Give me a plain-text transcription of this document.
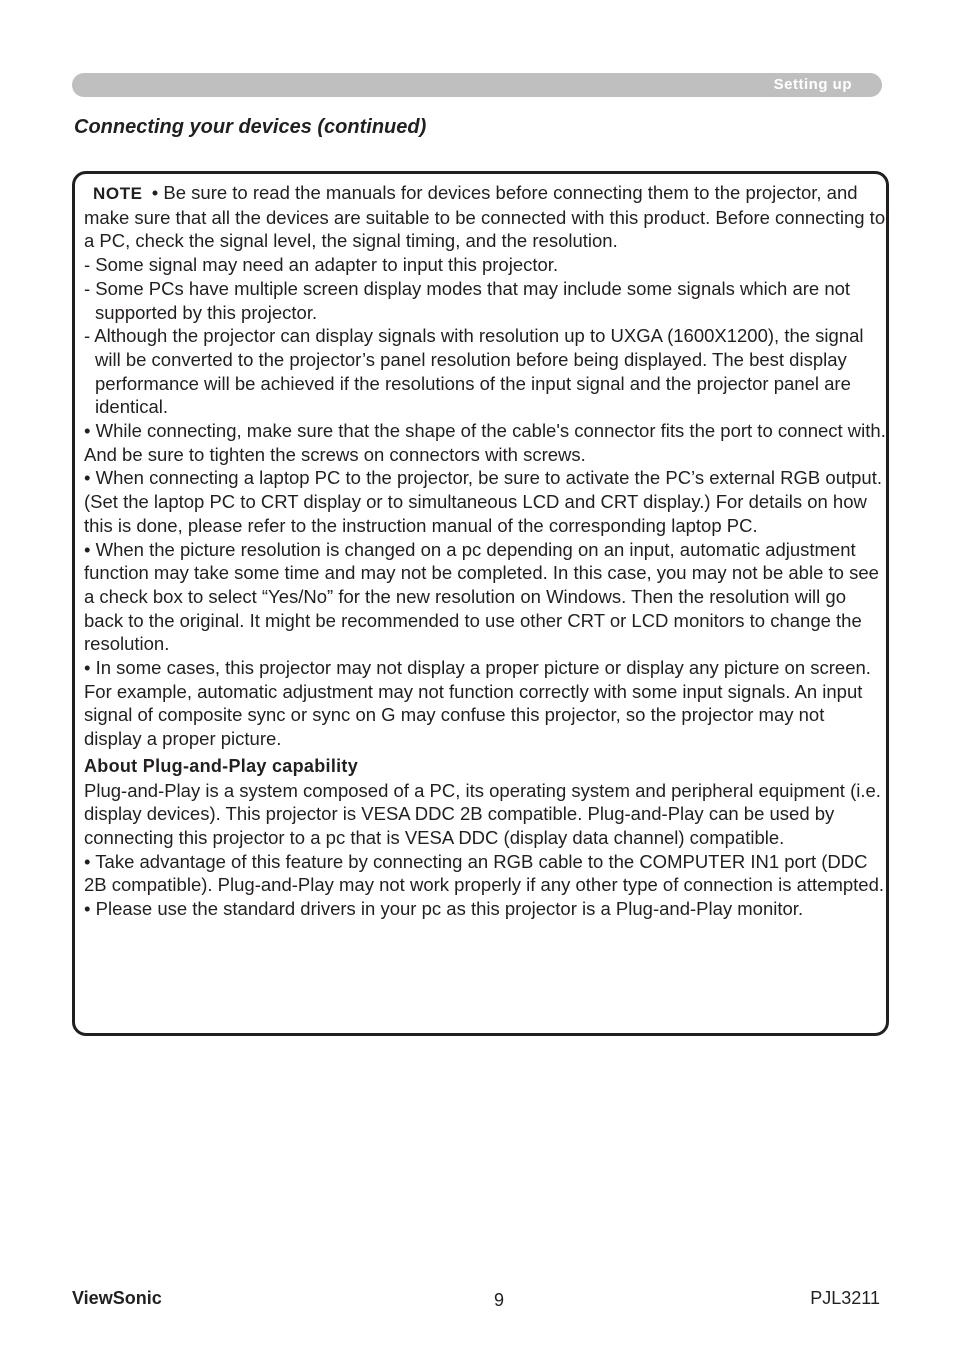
Setting up
Connecting your devices (continued)

NOTE • Be sure to read the manuals for devices before connecting them to the projector, and make sure that all the devices are suitable to be connected with this product. Before connecting to a PC, check the signal level, the signal timing, and the resolution.

- Some signal may need an adapter to input this projector.

- Some PCs have multiple screen display modes that may include some signals which are not supported by this projector.

- Although the projector can display signals with resolution up to UXGA (1600X1200), the signal will be converted to the projector’s panel resolution before being displayed. The best display performance will be achieved if the resolutions of the input signal and the projector panel are identical.

• While connecting, make sure that the shape of the cable's connector fits the port to connect with. And be sure to tighten the screws on connectors with screws.

• When connecting a laptop PC to the projector, be sure to activate the PC’s external RGB output. (Set the laptop PC to CRT display or to simultaneous LCD and CRT display.) For details on how this is done, please refer to the instruction manual of the corresponding laptop PC.

• When the picture resolution is changed on a pc depending on an input, automatic adjustment function may take some time and may not be completed. In this case, you may not be able to see a check box to select “Yes/No” for the new resolution on Windows. Then the resolution will go back to the original. It might be recommended to use other CRT or LCD monitors to change the resolution.

• In some cases, this projector may not display a proper picture or display any picture on screen. For example, automatic adjustment may not function correctly with some input signals. An input signal of composite sync or sync on G may confuse this projector, so the projector may not display a proper picture.

About Plug-and-Play capability

Plug-and-Play is a system composed of a PC, its operating system and peripheral equipment (i.e. display devices). This projector is VESA DDC 2B compatible. Plug-and-Play can be used by connecting this projector to a pc that is VESA DDC (display data channel) compatible.

• Take advantage of this feature by connecting an RGB cable to the COMPUTER IN1 port (DDC 2B compatible). Plug-and-Play may not work properly if any other type of connection is attempted.

• Please use the standard drivers in your pc as this projector is a Plug-and-Play monitor.

ViewSonic	9	PJL3211
